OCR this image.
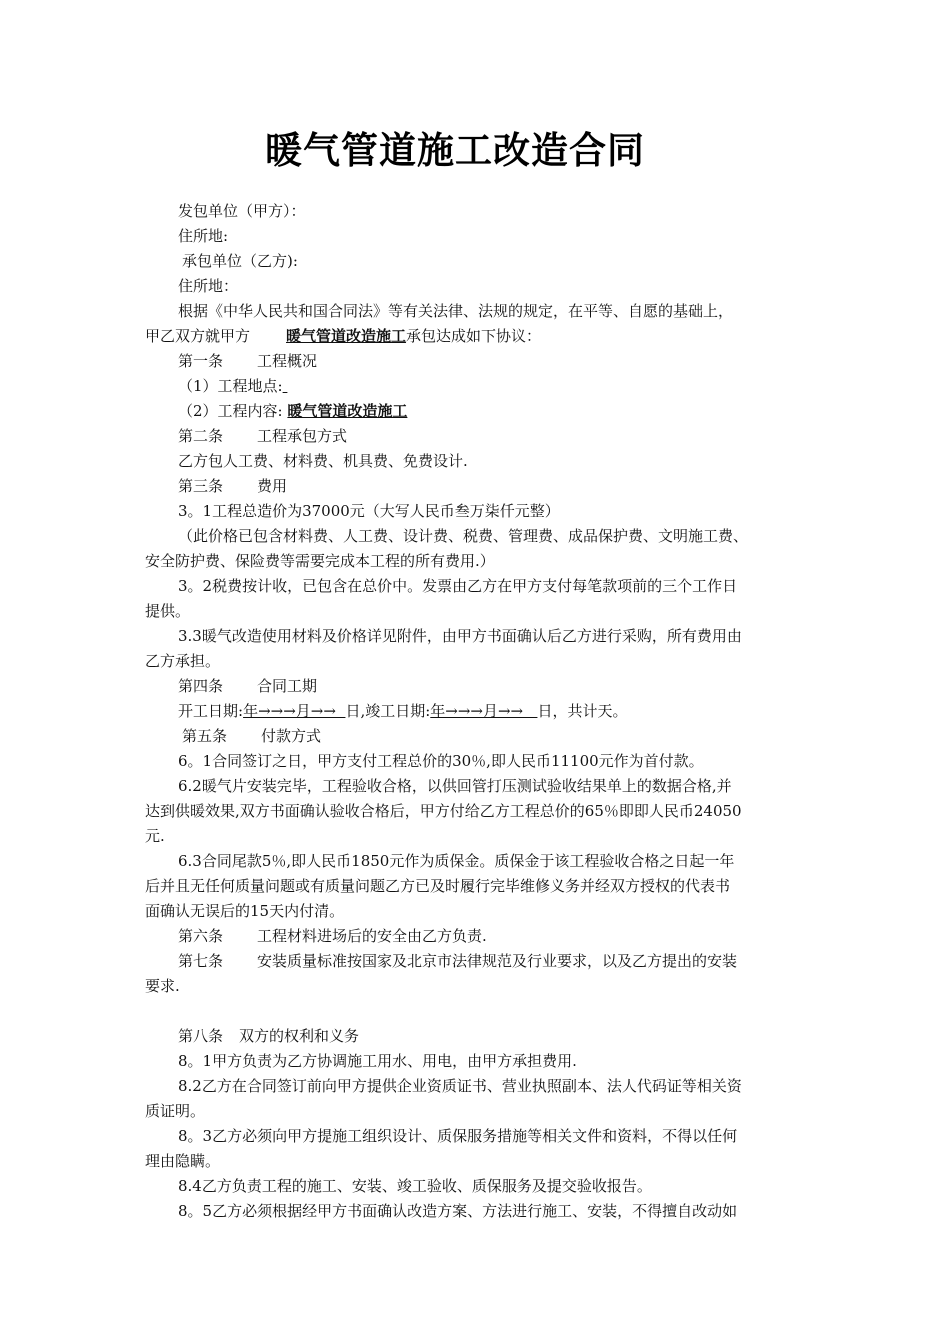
暖气管道施工改造合同
发包单位（甲方）：
住所地:
承包单位（乙方):
住所地：
根据《中华人民共和国合同法》等有关法律、法规的规定，在平等、自愿的基础上，
甲乙双方就甲方 暖气管道改造施工承包达成如下协议：
第一条 工程概况
（1）工程地点:
（2）工程内容: 暖气管道改造施工
第二条 工程承包方式
乙方包人工费、材料费、机具费、免费设计.
第三条 费用
3。1工程总造价为37000元（大写人民币叁万柒仟元整）
（此价格已包含材料费、人工费、设计费、税费、管理费、成品保护费、文明施工费、
安全防护费、保险费等需要完成本工程的所有费用.）
3。2税费按计收，已包含在总价中。发票由乙方在甲方支付每笔款项前的三个工作日
提供。
3.3暖气改造使用材料及价格详见附件，由甲方书面确认后乙方进行采购，所有费用由
乙方承担。
第四条 合同工期
开工日期:年→→→月→→  日,竣工日期:年→→→月→→   日，共计天。
第五条 付款方式
6。1合同签订之日，甲方支付工程总价的30％,即人民币11100元作为首付款。
6.2暖气片安装完毕，工程验收合格，以供回管打压测试验收结果单上的数据合格,并
达到供暖效果,双方书面确认验收合格后，甲方付给乙方工程总价的65％即即人民币24050
元.
6.3合同尾款5％,即人民币1850元作为质保金。质保金于该工程验收合格之日起一年
后并且无任何质量问题或有质量问题乙方已及时履行完毕维修义务并经双方授权的代表书
面确认无误后的15天内付清。
第六条 工程材料进场后的安全由乙方负责.
第七条 安装质量标准按国家及北京市法律规范及行业要求，以及乙方提出的安装
要求.
第八条 双方的权利和义务
8。1甲方负责为乙方协调施工用水、用电，由甲方承担费用.
8.2乙方在合同签订前向甲方提供企业资质证书、营业执照副本、法人代码证等相关资
质证明。
8。3乙方必须向甲方提施工组织设计、质保服务措施等相关文件和资料，不得以任何
理由隐瞒。
8.4乙方负责工程的施工、安装、竣工验收、质保服务及提交验收报告。
8。5乙方必须根据经甲方书面确认改造方案、方法进行施工、安装，不得擅自改动如
